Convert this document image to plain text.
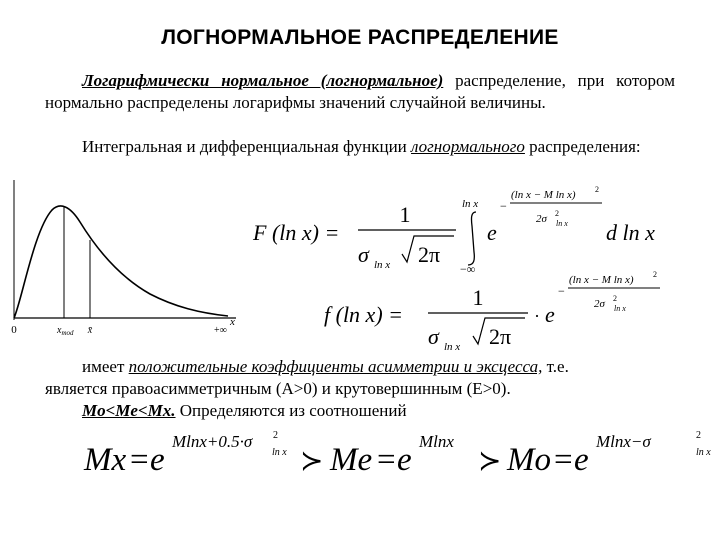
ЛОГНОРМАЛЬНОЕ РАСПРЕДЕЛЕНИЕ
Логарифмически нормальное (логнормальное) распределение, при котором нормально распределены логарифмы значений случайной величины.
Интегральная и дифференциальная функции логнормального распределения:
0	$x_{mod}$ x̄	+∞
x
F (ln x) =
1
σ ln x 2π
ln x
−∞
e
−
(ln x − M ln x) 2
2σ 2
ln x d ln x
f (ln x) =
1
σ ln x 2π
· e
−
(ln x − M ln x) 2
2σ 2
ln x
Mx = e
Mlnx+0.5·σ 2
ln x ≻ Me = e
Mlnx
≻ Mo = e
Mlnx−σ	2
ln x
имеет положительные коэффициенты асимметрии и эксцесса, т.е.
является правоасимметричным (A>0) и крутовершинным (E>0).
Mo<Me<Mx. Определяются из соотношений
